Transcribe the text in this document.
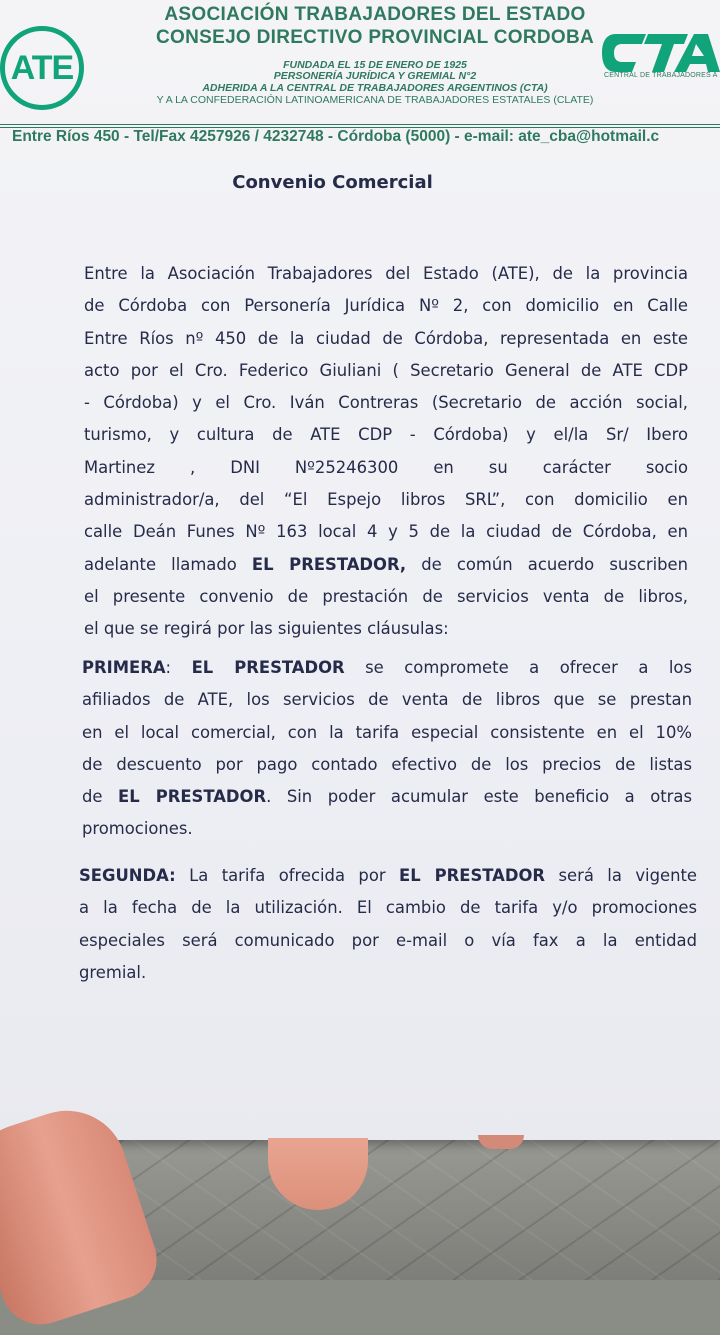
ATE
ASOCIACIÓN TRABAJADORES DEL ESTADO
CONSEJO DIRECTIVO PROVINCIAL CORDOBA
FUNDADA EL 15 DE ENERO DE 1925
PERSONERÍA JURÍDICA Y GREMIAL N°2
ADHERIDA A LA CENTRAL DE TRABAJADORES ARGENTINOS (CTA)
Y A LA CONFEDERACIÓN LATINOAMERICANA DE TRABAJADORES ESTATALES (CLATE)
CTA
CENTRAL DE TRABAJADORES A
Entre Ríos 450 - Tel/Fax 4257926 / 4232748 - Córdoba (5000) - e-mail: ate_cba@hotmail.c
Convenio Comercial
Entre la Asociación Trabajadores del Estado (ATE), de la provincia
de Córdoba con Personería Jurídica Nº 2, con domicilio en Calle
Entre Ríos nº 450 de la ciudad de Córdoba, representada en este
acto por el Cro. Federico Giuliani ( Secretario General de ATE CDP
- Córdoba) y el Cro. Iván Contreras (Secretario de acción social,
turismo, y cultura de ATE CDP - Córdoba) y el/la Sr/ Ibero
Martinez , DNI Nº25246300 en su carácter socio
administrador/a, del “El Espejo libros SRL”, con domicilio en
calle Deán Funes Nº 163 local 4 y 5 de la ciudad de Córdoba, en
adelante llamado EL PRESTADOR, de común acuerdo suscriben
el presente convenio de prestación de servicios venta de libros,
el que se regirá por las siguientes cláusulas:
PRIMERA: EL PRESTADOR se compromete a ofrecer a los
afiliados de ATE, los servicios de venta de libros que se prestan
en el local comercial, con la tarifa especial consistente en el 10%
de descuento por pago contado efectivo de los precios de listas
de EL PRESTADOR. Sin poder acumular este beneficio a otras
promociones.
SEGUNDA: La tarifa ofrecida por EL PRESTADOR será la vigente
a la fecha de la utilización. El cambio de tarifa y/o promociones
especiales será comunicado por e-mail o vía fax a la entidad
gremial.
